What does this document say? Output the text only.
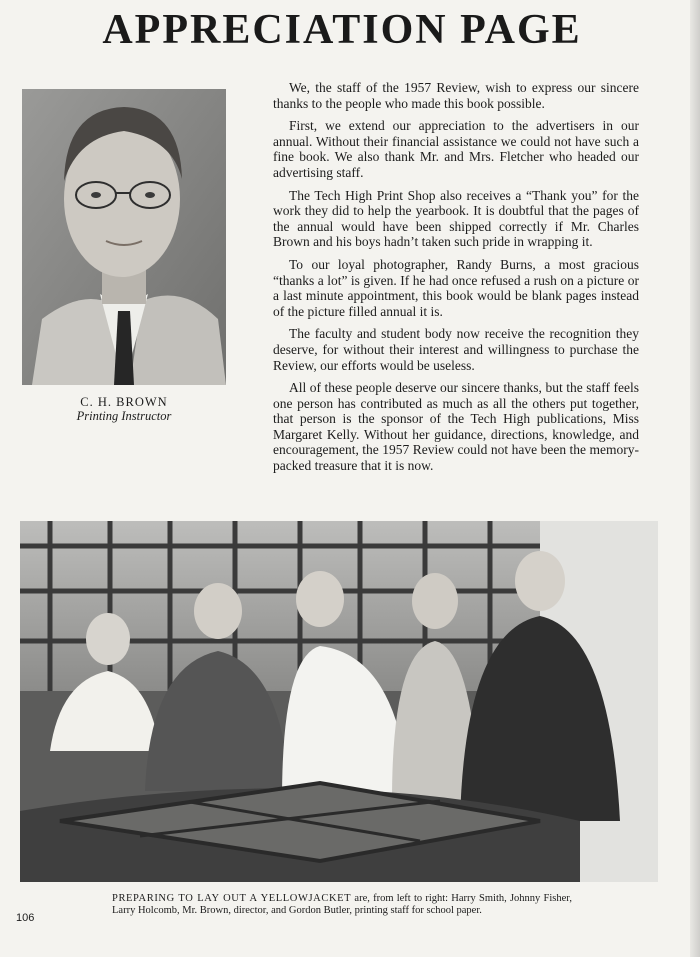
APPRECIATION PAGE
C. H. BROWN
Printing Instructor

We, the staff of the 1957 Review, wish to express our sincere thanks to the people who made this book possible.

First, we extend our appreciation to the advertisers in our annual. Without their financial assistance we could not have such a fine book. We also thank Mr. and Mrs. Fletcher who headed our advertising staff.

The Tech High Print Shop also receives a “Thank you” for the work they did to help the yearbook. It is doubtful that the pages of the annual would have been shipped correctly if Mr. Charles Brown and his boys hadn’t taken such pride in wrapping it.

To our loyal photographer, Randy Burns, a most gracious “thanks a lot” is given. If he had once refused a rush on a picture or a last minute appointment, this book would be blank pages instead of the picture filled annual it is.

The faculty and student body now receive the recognition they deserve, for without their interest and willingness to purchase the Review, our efforts would be useless.

All of these people deserve our sincere thanks, but the staff feels one person has contributed as much as all the others put together, that person is the sponsor of the Tech High publications, Miss Margaret Kelly. Without her guidance, directions, knowledge, and encouragement, the 1957 Review could not have been the memory-packed treasure that it is now.

PREPARING TO LAY OUT A YELLOWJACKET are, from left to right: Harry Smith, Johnny Fisher, Larry Holcomb, Mr. Brown, director, and Gordon Butler, printing staff for school paper.
106
